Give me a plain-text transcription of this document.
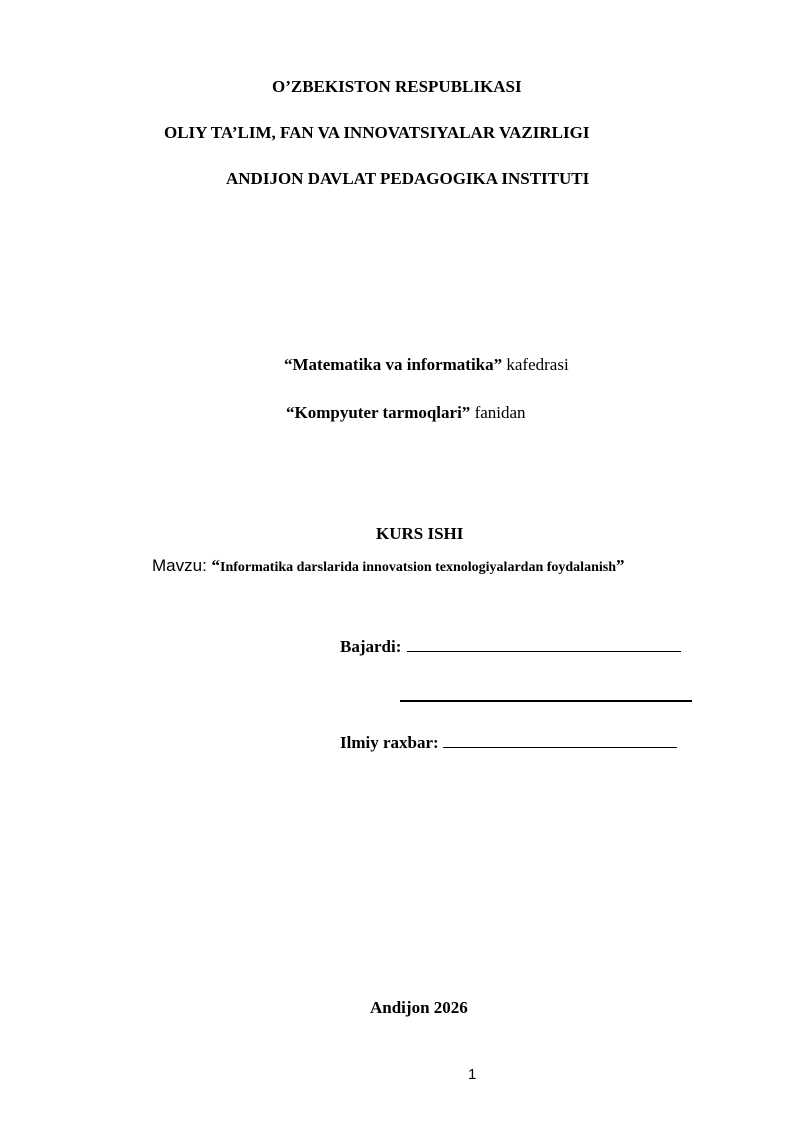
O’ZBEKISTON RESPUBLIKASI
OLIY TA’LIM, FAN VA INNOVATSIYALAR VAZIRLIGI
ANDIJON DAVLAT PEDAGOGIKA INSTITUTI
“Matematika va informatika” kafedrasi
“Kompyuter tarmoqlari” fanidan
KURS ISHI
Mavzu: “Informatika darslarida innovatsion texnologiyalardan foydalanish”
Bajardi:
Ilmiy raxbar:
Andijon 2026
1
